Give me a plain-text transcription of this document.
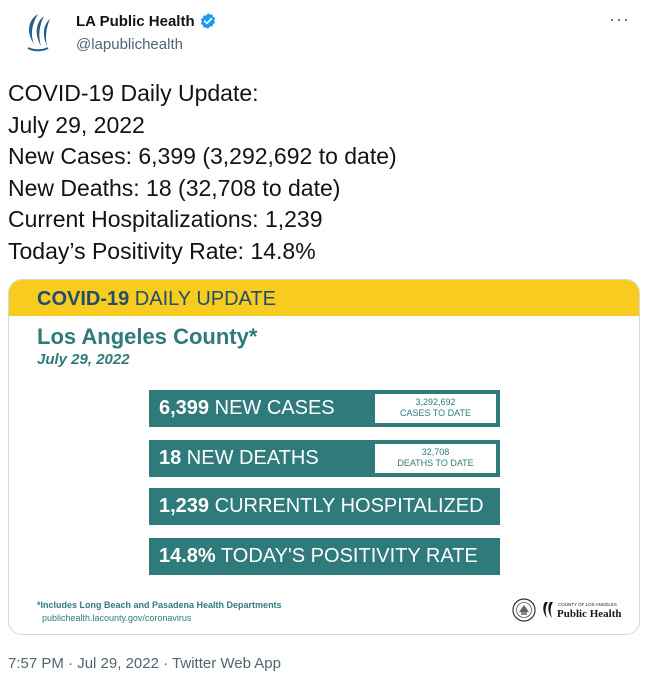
LA Public Health
@lapublichealth
···
COVID-19 Daily Update:
July 29, 2022
New Cases: 6,399 (3,292,692 to date)
New Deaths: 18 (32,708 to date)
Current Hospitalizations: 1,239
Today’s Positivity Rate: 14.8%
COVID-19 DAILY UPDATE
Los Angeles County*
July 29, 2022
6,399 NEW CASES	3,292,692
CASES TO DATE
18 NEW DEATHS	32,708
DEATHS TO DATE
1,239 CURRENTLY HOSPITALIZED
14.8% TODAY'S POSITIVITY RATE
*Includes Long Beach and Pasadena Health Departments
publichealth.lacounty.gov/coronavirus
COUNTY OF LOS ANGELES
Public Health
7:57 PM · Jul 29, 2022 · Twitter Web App
